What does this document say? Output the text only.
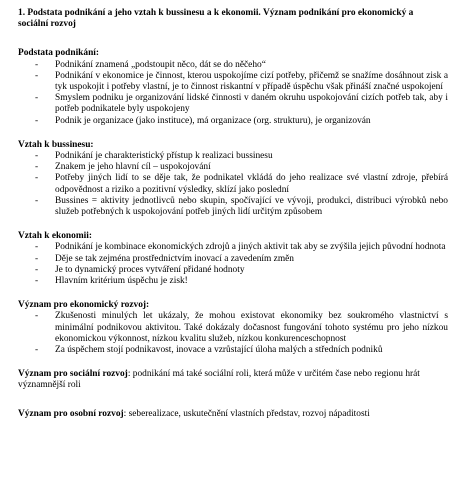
1. Podstata podnikání a jeho vztah k bussinesu a k ekonomii. Význam podnikání pro ekonomický a sociální rozvoj

Podstata podnikání:

- Podnikání znamená „podstoupit něco, dát se do něčeho“
- Podnikání v ekonomice je činnost, kterou uspokojíme cizí potřeby, přičemž se snažíme dosáhnout zisk a tyk uspokojit i potřeby vlastní, je to činnost riskantní v případě úspěchu však přináší značné uspokojení
- Smyslem podniku je organizování lidské činnosti v daném okruhu uspokojování cizích potřeb tak, aby i potřeb podnikatele byly uspokojeny
- Podnik je organizace (jako instituce), má organizace (org. strukturu), je organizován

Vztah k bussinesu:

- Podnikání je charakteristický přístup k realizaci bussinesu
- Znakem je jeho hlavní cíl – uspokojování
- Potřeby jiných lidí to se děje tak, že podnikatel vkládá do jeho realizace své vlastní zdroje, přebírá odpovědnost a riziko a pozitivní výsledky, sklízí jako poslední
- Bussines = aktivity jednotlivců nebo skupin, spočívající ve vývoji, produkci, distribuci výrobků nebo služeb potřebných k uspokojování potřeb jiných lidí určitým způsobem

Vztah k ekonomii:

- Podnikání je kombinace ekonomických zdrojů a jiných aktivit tak aby se zvýšila jejich původní hodnota
- Děje se tak zejména prostřednictvím inovací a zavedením změn
- Je to dynamický proces vytváření přidané hodnoty
- Hlavním kritérium úspěchu je zisk!

Význam pro ekonomický rozvoj:

- Zkušenosti minulých let ukázaly, že mohou existovat ekonomiky bez soukromého vlastnictví s minimální podnikovou aktivitou. Také dokázaly dočasnost fungování tohoto systému pro jeho nízkou ekonomickou výkonnost, nízkou kvalitu služeb, nízkou konkurenceschopnost
- Za úspěchem stojí podnikavost, inovace a vzrůstající úloha malých a středních podniků

Význam pro sociální rozvoj: podnikání má také sociální roli, která může v určitém čase nebo regionu hrát významnější roli

Význam pro osobní rozvoj: seberealizace, uskutečnění vlastních představ, rozvoj nápaditosti
